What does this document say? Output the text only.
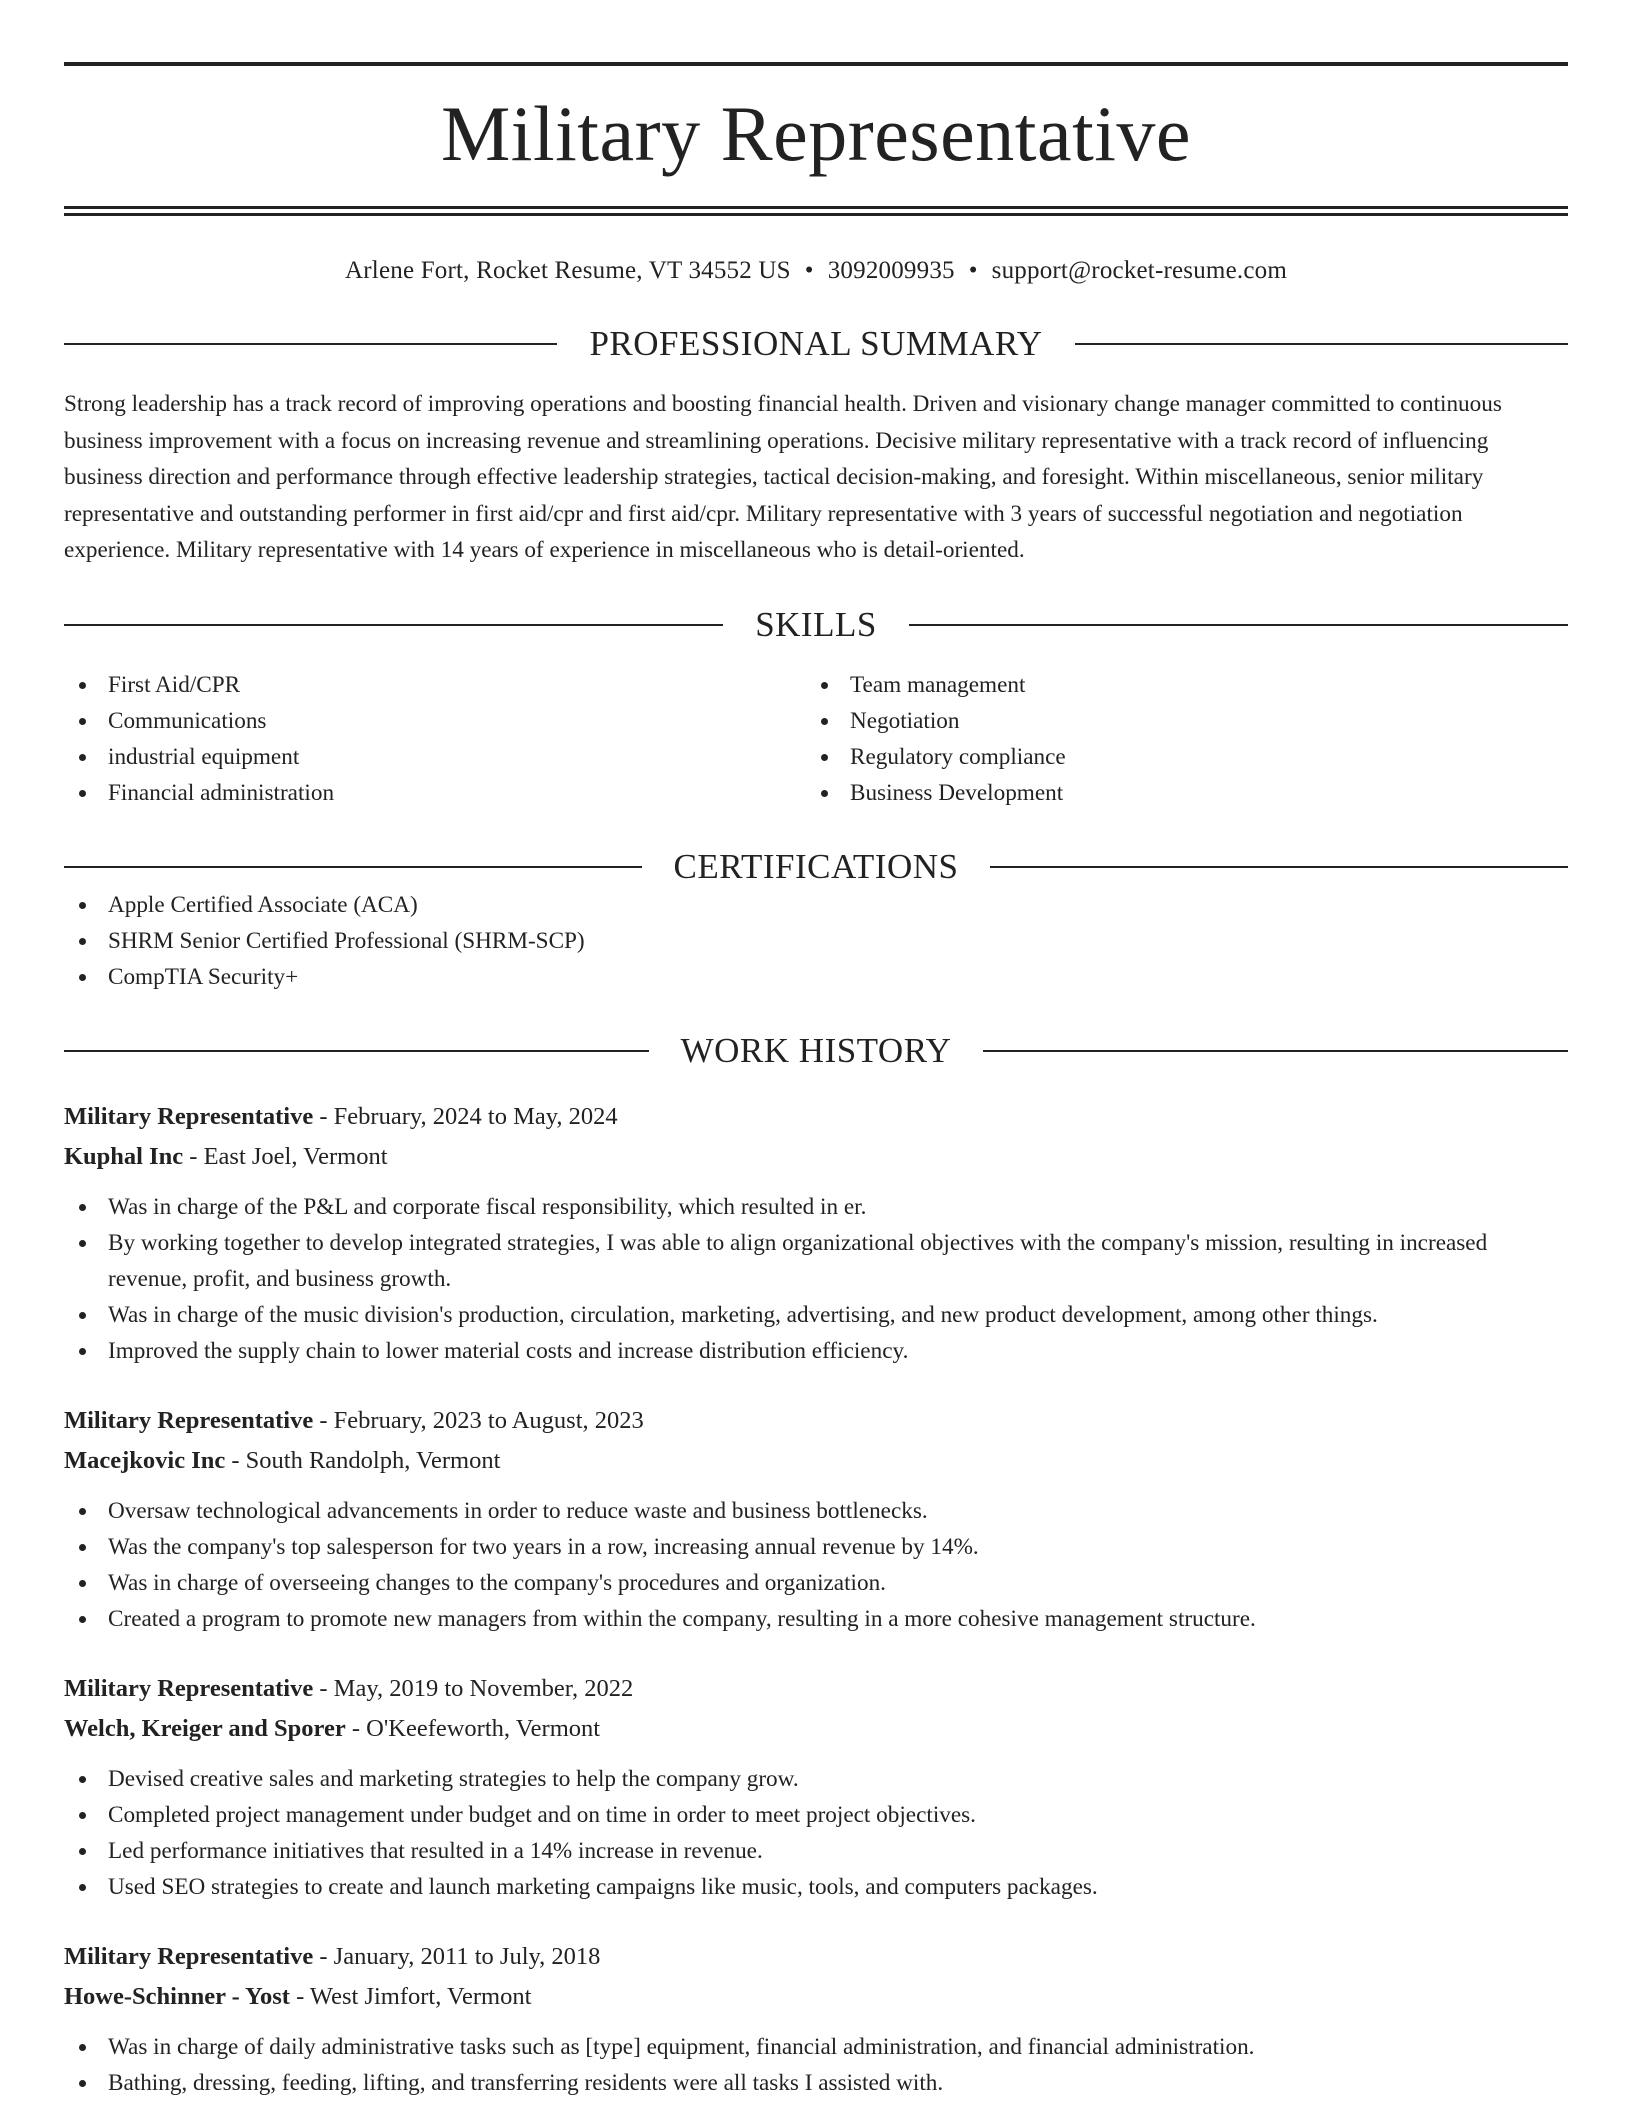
Military Representative
Arlene Fort, Rocket Resume, VT 34552 US • 3092009935 • support@rocket-resume.com
PROFESSIONAL SUMMARY

Strong leadership has a track record of improving operations and boosting financial health. Driven and visionary change manager committed to continuous business improvement with a focus on increasing revenue and streamlining operations. Decisive military representative with a track record of influencing business direction and performance through effective leadership strategies, tactical decision-making, and foresight. Within miscellaneous, senior military representative and outstanding performer in first aid/cpr and first aid/cpr. Military representative with 3 years of successful negotiation and negotiation experience. Military representative with 14 years of experience in miscellaneous who is detail-oriented.

SKILLS
First Aid/CPR
Communications
industrial equipment
Financial administration
Team management
Negotiation
Regulatory compliance
Business Development
CERTIFICATIONS
Apple Certified Associate (ACA)
SHRM Senior Certified Professional (SHRM-SCP)
CompTIA Security+
WORK HISTORY
Military Representative - February, 2024 to May, 2024
Kuphal Inc - East Joel, Vermont
Was in charge of the P&L and corporate fiscal responsibility, which resulted in er.
By working together to develop integrated strategies, I was able to align organizational objectives with the company's mission, resulting in increased revenue, profit, and business growth.
Was in charge of the music division's production, circulation, marketing, advertising, and new product development, among other things.
Improved the supply chain to lower material costs and increase distribution efficiency.
Military Representative - February, 2023 to August, 2023
Macejkovic Inc - South Randolph, Vermont
Oversaw technological advancements in order to reduce waste and business bottlenecks.
Was the company's top salesperson for two years in a row, increasing annual revenue by 14%.
Was in charge of overseeing changes to the company's procedures and organization.
Created a program to promote new managers from within the company, resulting in a more cohesive management structure.
Military Representative - May, 2019 to November, 2022
Welch, Kreiger and Sporer - O'Keefeworth, Vermont
Devised creative sales and marketing strategies to help the company grow.
Completed project management under budget and on time in order to meet project objectives.
Led performance initiatives that resulted in a 14% increase in revenue.
Used SEO strategies to create and launch marketing campaigns like music, tools, and computers packages.
Military Representative - January, 2011 to July, 2018
Howe-Schinner - Yost - West Jimfort, Vermont
Was in charge of daily administrative tasks such as [type] equipment, financial administration, and financial administration.
Bathing, dressing, feeding, lifting, and transferring residents were all tasks I assisted with.
